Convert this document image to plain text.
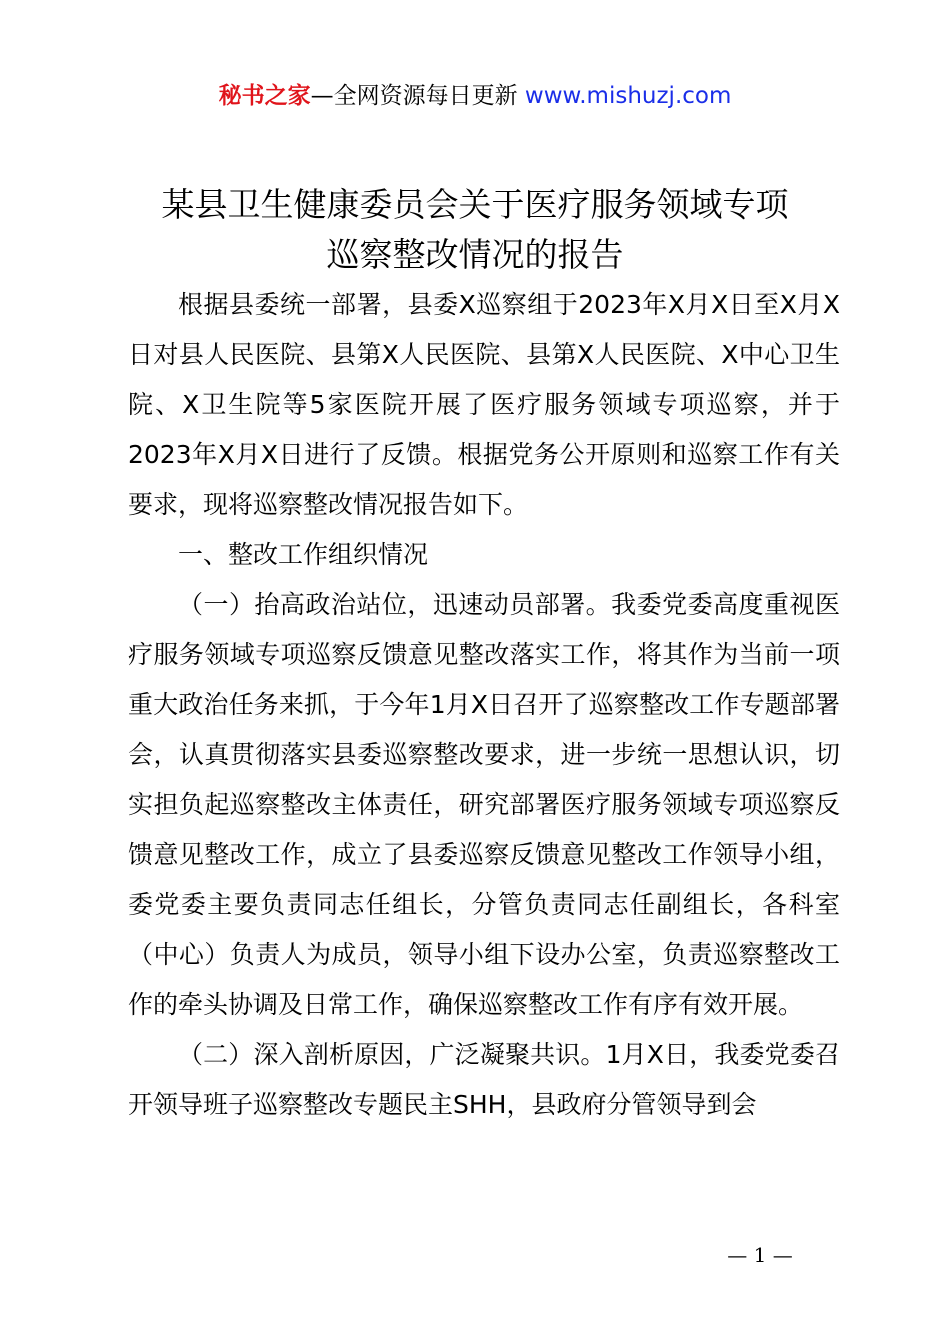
秘书之家—全网资源每日更新 www.mishuzj.com
某县卫生健康委员会关于医疗服务领域专项
巡察整改情况的报告

根据县委统一部署，县委X巡察组于2023年X月X日至X月X日对县人民医院、县第X人民医院、县第X人民医院、X中心卫生院、X卫生院等5家医院开展了医疗服务领域专项巡察，并于2023年X月X日进行了反馈。根据党务公开原则和巡察工作有关要求，现将巡察整改情况报告如下。

一、整改工作组织情况

（一）抬高政治站位，迅速动员部署。我委党委高度重视医疗服务领域专项巡察反馈意见整改落实工作，将其作为当前一项重大政治任务来抓，于今年1月X日召开了巡察整改工作专题部署会，认真贯彻落实县委巡察整改要求，进一步统一思想认识，切实担负起巡察整改主体责任，研究部署医疗服务领域专项巡察反馈意见整改工作，成立了县委巡察反馈意见整改工作领导小组，委党委主要负责同志任组长，分管负责同志任副组长，各科室（中心）负责人为成员，领导小组下设办公室，负责巡察整改工作的牵头协调及日常工作，确保巡察整改工作有序有效开展。

（二）深入剖析原因，广泛凝聚共识。1月X日，我委党委召开领导班子巡察整改专题民主SHH，县政府分管领导到会

— 1 —
